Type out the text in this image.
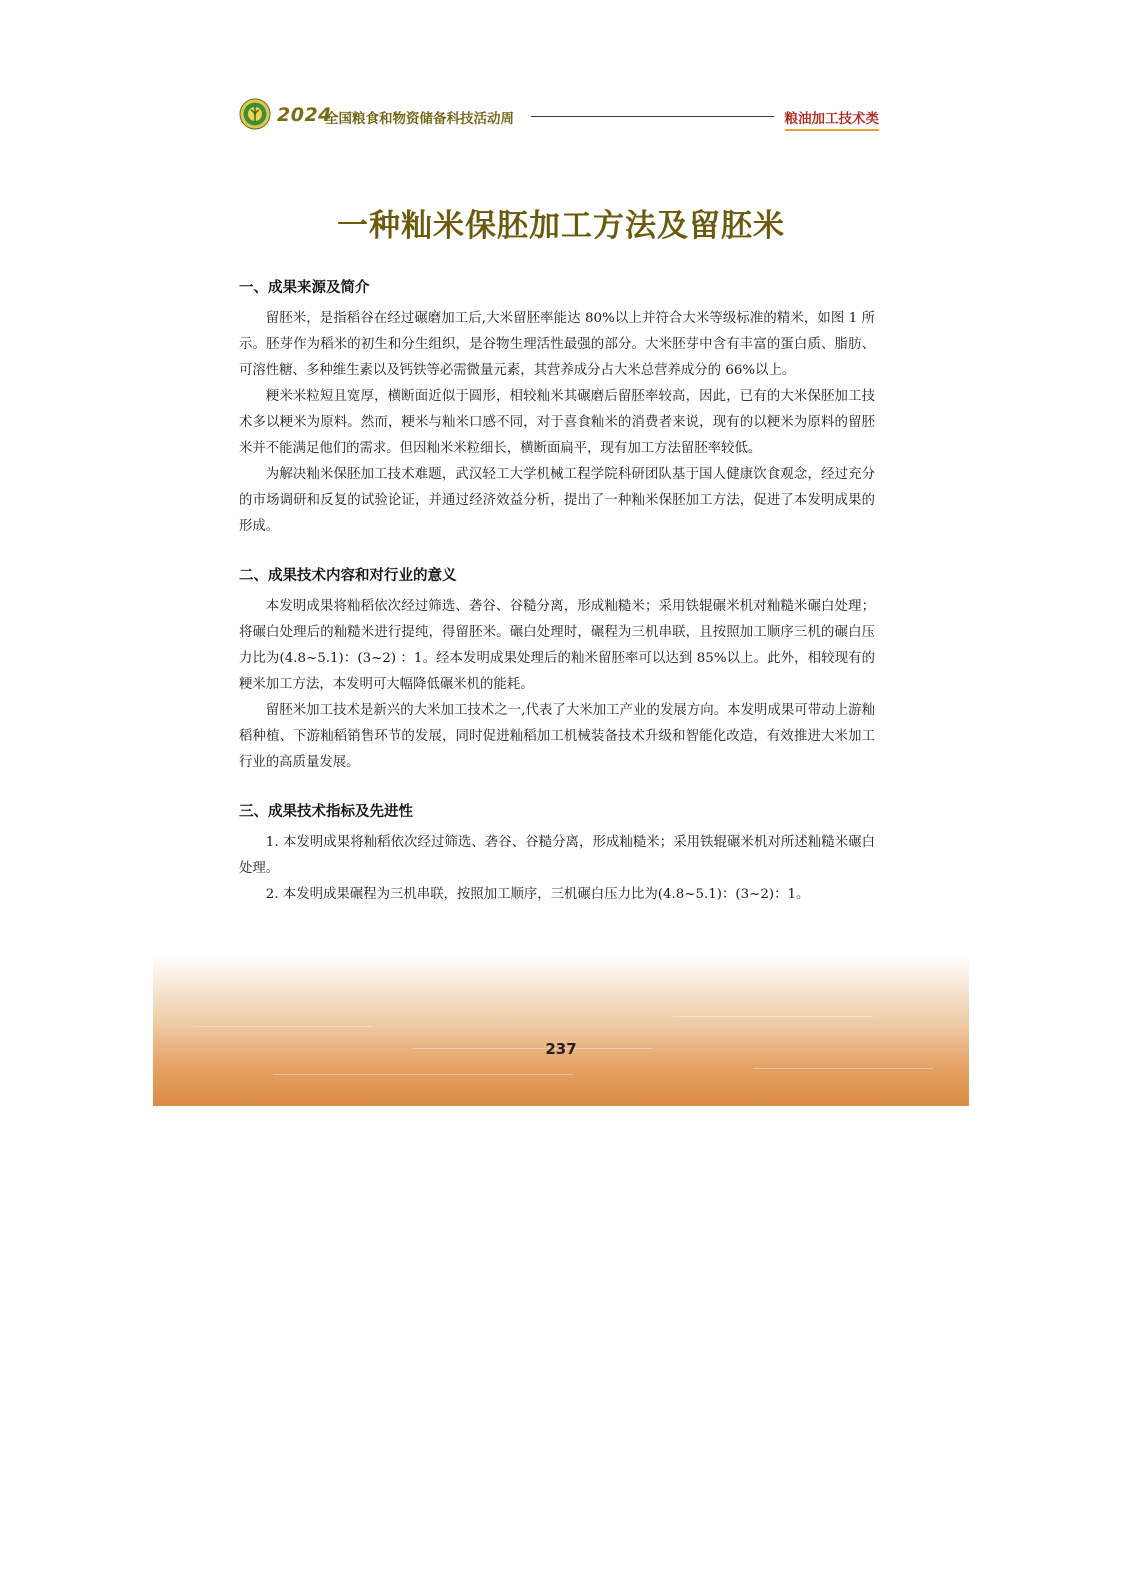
2024
全国粮食和物资储备科技活动周	粮油加工技术类
一种籼米保胚加工方法及留胚米
一、成果来源及简介

留胚米，是指稻谷在经过碾磨加工后,大米留胚率能达 80%以上并符合大米等级标准的精米，如图 1 所示。胚芽作为稻米的初生和分生组织，是谷物生理活性最强的部分。大米胚芽中含有丰富的蛋白质、脂肪、可溶性糖、多种维生素以及钙铁等必需微量元素，其营养成分占大米总营养成分的 66%以上。

粳米米粒短且宽厚，横断面近似于圆形，相较籼米其碾磨后留胚率较高，因此，已有的大米保胚加工技术多以粳米为原料。然而，粳米与籼米口感不同，对于喜食籼米的消费者来说，现有的以粳米为原料的留胚米并不能满足他们的需求。但因籼米米粒细长，横断面扁平，现有加工方法留胚率较低。

为解决籼米保胚加工技术难题，武汉轻工大学机械工程学院科研团队基于国人健康饮食观念，经过充分的市场调研和反复的试验论证，并通过经济效益分析，提出了一种籼米保胚加工方法，促进了本发明成果的形成。

二、成果技术内容和对行业的意义

本发明成果将籼稻依次经过筛选、砻谷、谷糙分离，形成籼糙米；采用铁辊碾米机对籼糙米碾白处理；将碾白处理后的籼糙米进行提纯，得留胚米。碾白处理时，碾程为三机串联，且按照加工顺序三机的碾白压力比为(4.8~5.1)：(3~2) ：1。经本发明成果处理后的籼米留胚率可以达到 85%以上。此外，相较现有的粳米加工方法，本发明可大幅降低碾米机的能耗。

留胚米加工技术是新兴的大米加工技术之一,代表了大米加工产业的发展方向。本发明成果可带动上游籼稻种植、下游籼稻销售环节的发展，同时促进籼稻加工机械装备技术升级和智能化改造，有效推进大米加工行业的高质量发展。

三、成果技术指标及先进性

1. 本发明成果将籼稻依次经过筛选、砻谷、谷糙分离，形成籼糙米；采用铁辊碾米机对所述籼糙米碾白处理。

2. 本发明成果碾程为三机串联，按照加工顺序，三机碾白压力比为(4.8~5.1)：(3~2)：1。

237
